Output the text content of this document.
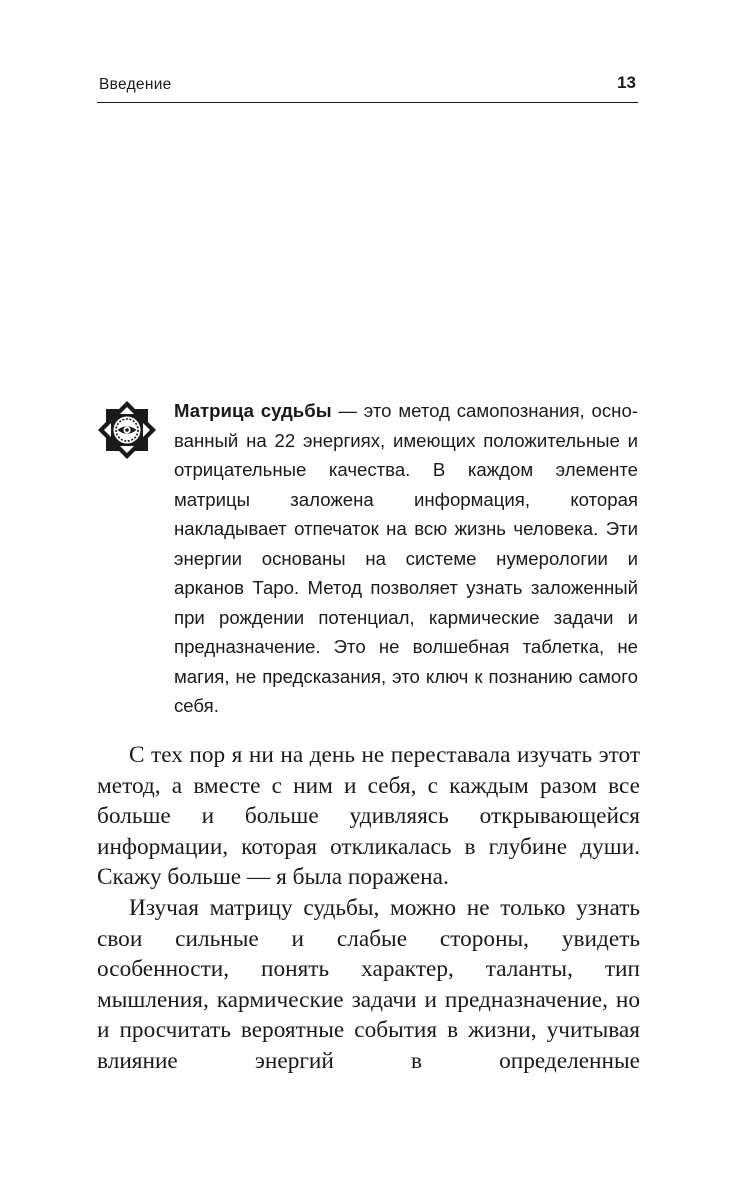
Введение	13

Матрица судьбы — это метод самопознания, основанный на 22 энергиях, имеющих положительные и отрицательные качества. В каждом элементе матрицы заложена информация, которая накладывает отпечаток на всю жизнь человека. Эти энергии основаны на системе нумерологии и арканов Таро. Метод позволяет узнать заложенный при рождении потенциал, кармические задачи и предназначение. Это не волшебная таблетка, не магия, не предсказания, это ключ к познанию самого себя.

С тех пор я ни на день не переставала изучать этот метод, а вместе с ним и себя, с каждым разом все больше и больше удивляясь открывающейся информации, которая откликалась в глубине души. Скажу больше — я была поражена.

Изучая матрицу судьбы, можно не только узнать свои сильные и слабые стороны, увидеть особенности, понять характер, таланты, тип мышления, кармические задачи и предназначение, но и просчитать вероятные события в жизни, учитывая влияние энергий в определенные
